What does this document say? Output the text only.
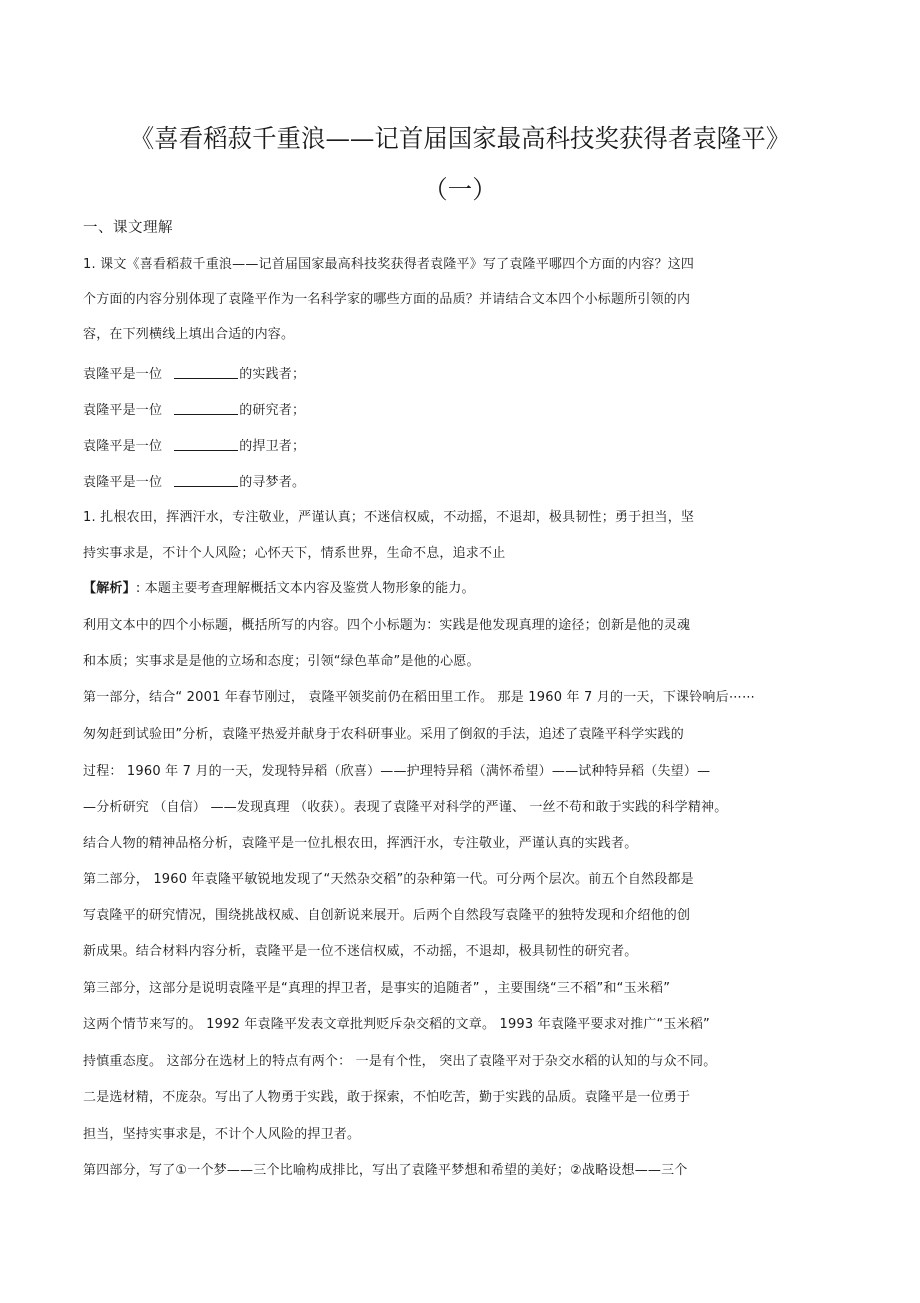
《喜看稻菽千重浪——记首届国家最高科技奖获得者袁隆平》
（一）
一、课文理解
1. 课文《喜看稻菽千重浪——记首届国家最高科技奖获得者袁隆平》写了袁隆平哪四个方面的内容？这四
个方面的内容分别体现了袁隆平作为一名科学家的哪些方面的品质？并请结合文本四个小标题所引领的内
容，在下列横线上填出合适的内容。
袁隆平是一位	的实践者；
袁隆平是一位	的研究者；
袁隆平是一位	的捍卫者；
袁隆平是一位	的寻梦者。
1. 扎根农田，挥洒汗水，专注敬业，严谨认真；不迷信权威，不动摇，不退却，极具韧性；勇于担当，坚
持实事求是，不计个人风险；心怀天下，情系世界，生命不息，追求不止
【解析】: 本题主要考查理解概括文本内容及鉴赏人物形象的能力。
利用文本中的四个小标题，概括所写的内容。四个小标题为：实践是他发现真理的途径；创新是他的灵魂
和本质；实事求是是他的立场和态度；引领“绿色革命”是他的心愿。
第一部分，结合“ 2001 年春节刚过， 袁隆平领奖前仍在稻田里工作。 那是 1960 年 7 月的一天，下课铃响后⋯⋯
匆匆赶到试验田”分析，袁隆平热爱并献身于农科研事业。采用了倒叙的手法，追述了袁隆平科学实践的
过程： 1960 年 7 月的一天，发现特异稻（欣喜）——护理特异稻（满怀希望）——试种特异稻（失望）—
—分析研究 （自信） ——发现真理 （收获）。表现了袁隆平对科学的严谨、 一丝不苟和敢于实践的科学精神。
结合人物的精神品格分析，袁隆平是一位扎根农田，挥洒汗水，专注敬业，严谨认真的实践者。
第二部分， 1960 年袁隆平敏锐地发现了“天然杂交稻”的杂种第一代。可分两个层次。前五个自然段都是
写袁隆平的研究情况，围绕挑战权威、自创新说来展开。后两个自然段写袁隆平的独特发现和介绍他的创
新成果。结合材料内容分析，袁隆平是一位不迷信权威，不动摇，不退却，极具韧性的研究者。
第三部分，这部分是说明袁隆平是“真理的捍卫者，是事实的追随者” ，主要围绕“三不稻”和“玉米稻”
这两个情节来写的。 1992 年袁隆平发表文章批判贬斥杂交稻的文章。 1993 年袁隆平要求对推广“玉米稻”
持慎重态度。 这部分在选材上的特点有两个： 一是有个性， 突出了袁隆平对于杂交水稻的认知的与众不同。
二是选材精，不庞杂。写出了人物勇于实践，敢于探索，不怕吃苦，勤于实践的品质。袁隆平是一位勇于
担当，坚持实事求是，不计个人风险的捍卫者。
第四部分，写了①一个梦——三个比喻构成排比，写出了袁隆平梦想和希望的美好；②战略设想——三个
